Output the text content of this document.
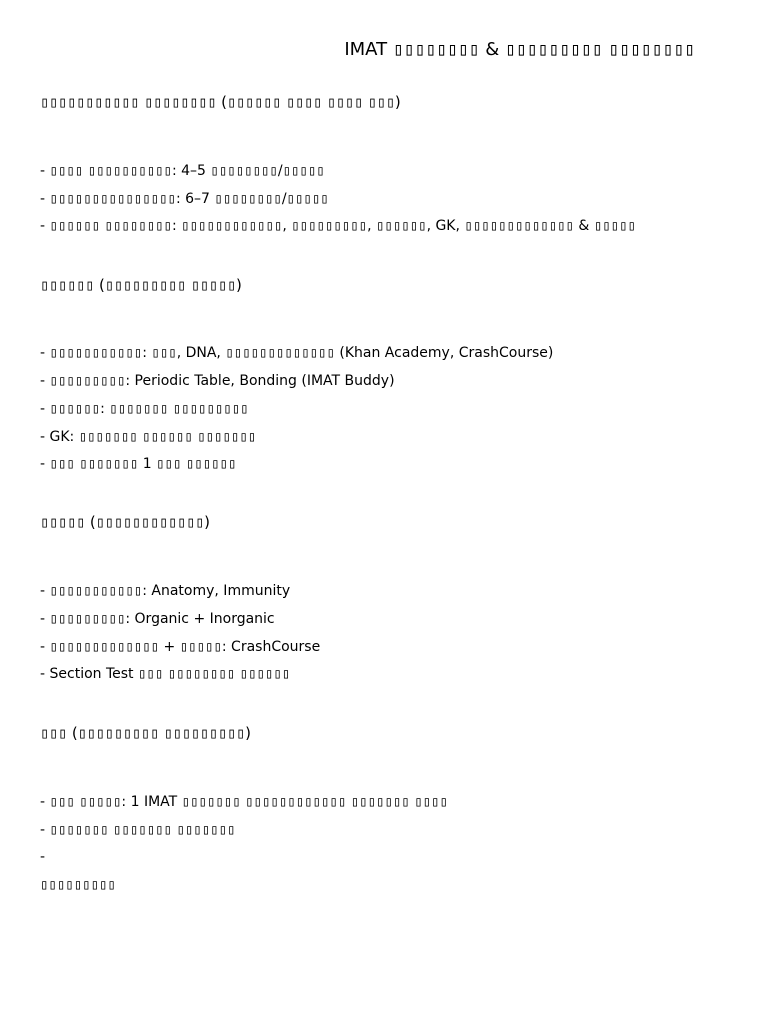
IMAT ▯▯▯▯▯▯▯▯ & ▯▯▯▯▯▯▯▯▯ ▯▯▯▯▯▯▯▯
▯▯▯▯▯▯▯▯▯▯▯ ▯▯▯▯▯▯▯▯ (▯▯▯▯▯▯ ▯▯▯▯ ▯▯▯▯ ▯▯▯)
- ▯▯▯▯ ▯▯▯▯▯▯▯▯▯▯: 4–5 ▯▯▯▯▯▯▯▯/▯▯▯▯▯
- ▯▯▯▯▯▯▯▯▯▯▯▯▯▯▯: 6–7 ▯▯▯▯▯▯▯▯/▯▯▯▯▯
- ▯▯▯▯▯▯ ▯▯▯▯▯▯▯▯: ▯▯▯▯▯▯▯▯▯▯▯▯, ▯▯▯▯▯▯▯▯▯, ▯▯▯▯▯▯, GK, ▯▯▯▯▯▯▯▯▯▯▯▯▯ & ▯▯▯▯▯
▯▯▯▯▯▯ (▯▯▯▯▯▯▯▯▯ ▯▯▯▯▯)
- ▯▯▯▯▯▯▯▯▯▯▯: ▯▯▯, DNA, ▯▯▯▯▯▯▯▯▯▯▯▯▯ (Khan Academy, CrashCourse)
- ▯▯▯▯▯▯▯▯▯: Periodic Table, Bonding (IMAT Buddy)
- ▯▯▯▯▯▯: ▯▯▯▯▯▯▯ ▯▯▯▯▯▯▯▯▯
- GK: ▯▯▯▯▯▯▯ ▯▯▯▯▯▯ ▯▯▯▯▯▯▯
- ▯▯▯ ▯▯▯▯▯▯▯ 1 ▯▯▯ ▯▯▯▯▯▯
▯▯▯▯▯ (▯▯▯▯▯▯▯▯▯▯▯▯)
- ▯▯▯▯▯▯▯▯▯▯▯: Anatomy, Immunity
- ▯▯▯▯▯▯▯▯▯: Organic + Inorganic
- ▯▯▯▯▯▯▯▯▯▯▯▯▯ + ▯▯▯▯▯: CrashCourse
- Section Test ▯▯▯ ▯▯▯▯▯▯▯▯ ▯▯▯▯▯▯
▯▯▯ (▯▯▯▯▯▯▯▯▯ ▯▯▯▯▯▯▯▯▯)
- ▯▯▯ ▯▯▯▯▯: 1 IMAT ▯▯▯▯▯▯▯ ▯▯▯▯▯▯▯▯▯▯▯▯ ▯▯▯▯▯▯▯ ▯▯▯▯
- ▯▯▯▯▯▯▯ ▯▯▯▯▯▯▯ ▯▯▯▯▯▯▯
-
▯▯▯▯▯▯▯▯▯
